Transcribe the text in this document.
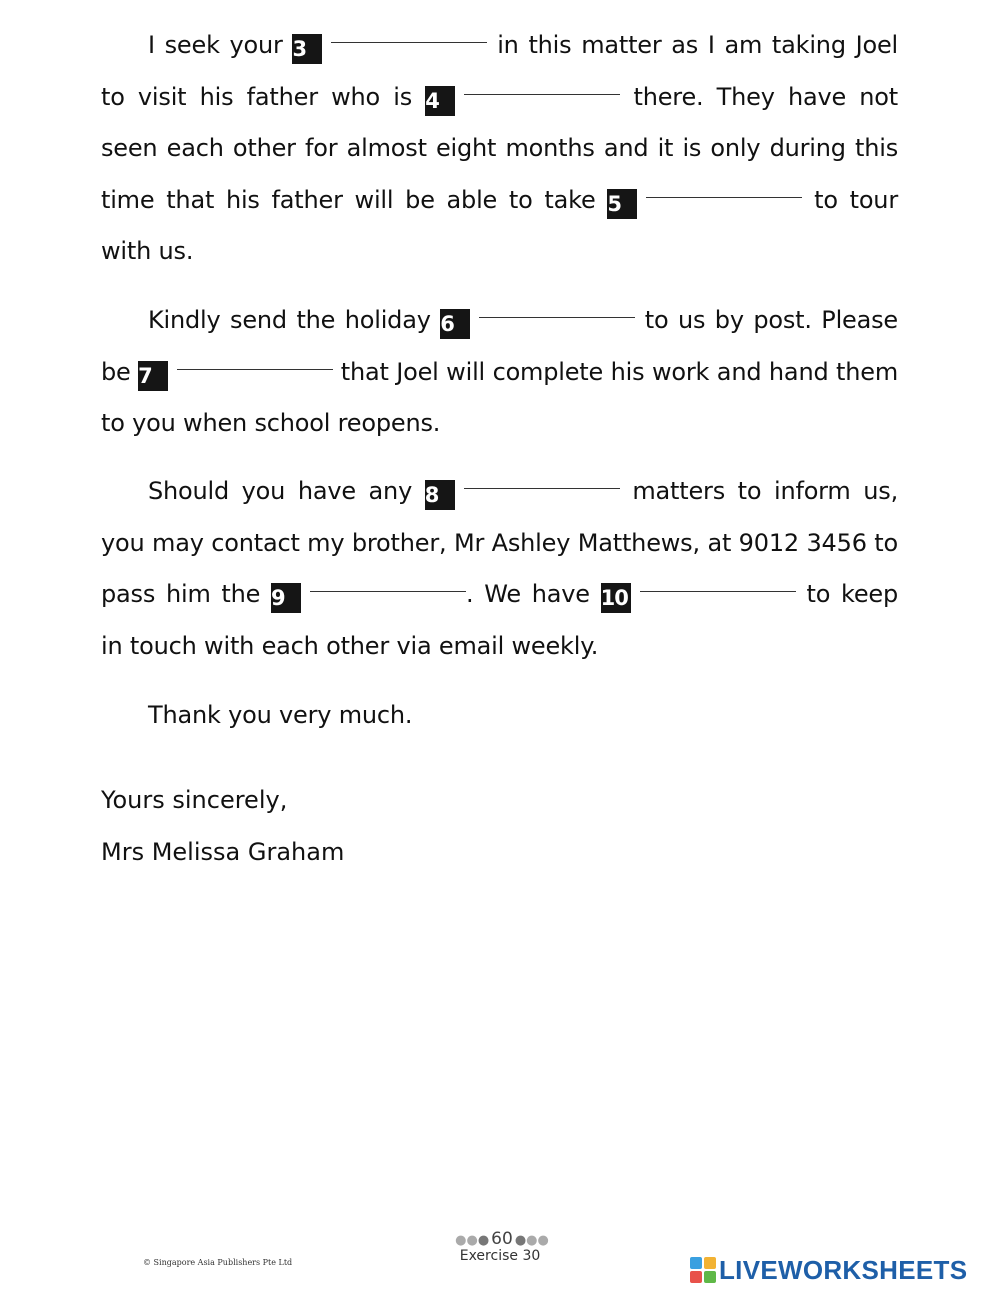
I seek your 3	in this matter as I am taking Joel to visit his father who is 4	there. They have not seen each other for almost eight months and it is only during this time that his father will be able to take 5	to tour with us.

Kindly send the holiday 6	to us by post. Please be 7	that Joel will complete his work and hand them to you when school reopens.

Should you have any 8	matters to inform us, you may contact my brother, Mr Ashley Matthews, at 9012 3456 to pass him the 9	. We have 10	to keep in touch with each other via email weekly.

Thank you very much.

Yours sincerely,
Mrs Melissa Graham
●●● 60 ●●●
Exercise 30
© Singapore Asia Publishers Pte Ltd	LIVEWORKSHEETS
